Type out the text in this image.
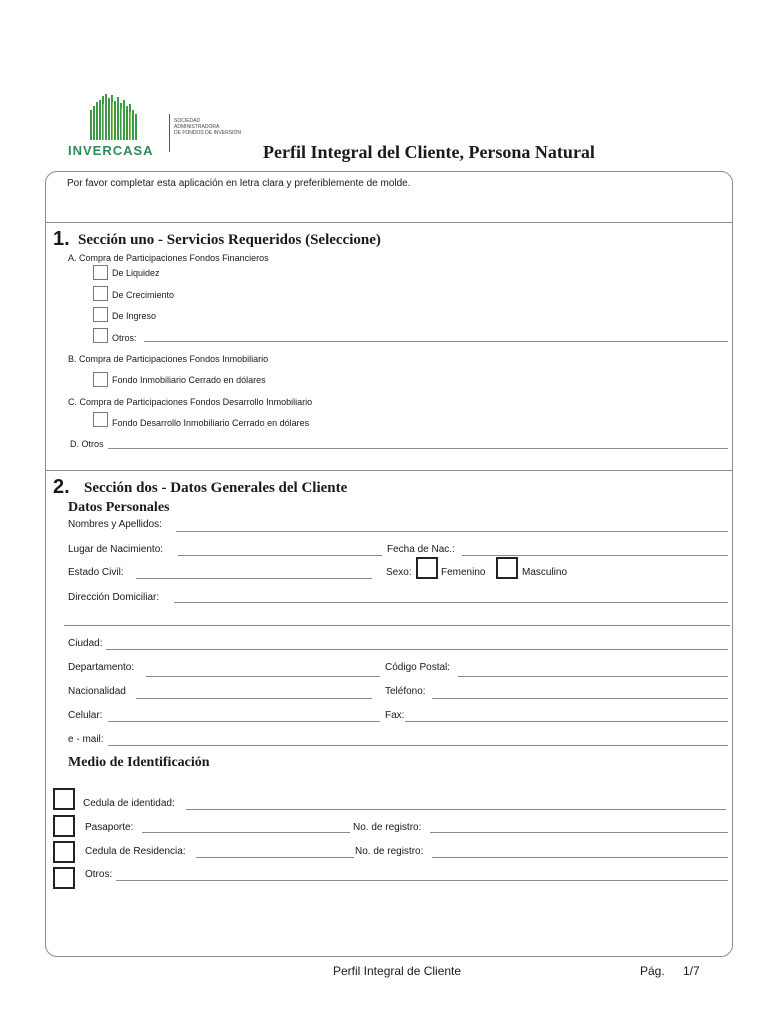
INVERCASA
SOCIEDAD
ADMINISTRADORA
DE FONDOS DE INVERSIÓN
Perfil Integral del Cliente, Persona Natural
Por favor completar esta aplicación en letra clara y preferiblemente de molde.
1. Sección uno - Servicios Requeridos (Seleccione)
A. Compra de Participaciones Fondos Financieros
De Liquidez
De Crecimiento
De Ingreso
Otros:
B. Compra de Participaciones Fondos Inmobiliario
Fondo Inmobiliario Cerrado en dólares
C. Compra de Participaciones Fondos Desarrollo Inmobiliario
Fondo Desarrollo Inmobiliario Cerrado en dólares
D. Otros
2. Sección dos - Datos Generales del Cliente
Datos Personales
Nombres y Apellidos:
Lugar de Nacimiento:	Fecha de Nac.:
Estado Civil:	Sexo:	Femenino	Masculino
Dirección Domiciliar:
Ciudad:
Departamento:	Código Postal:
Nacionalidad	Teléfono:
Celular:	Fax:
e - mail:
Medio de Identificación
Cedula de identidad:
Pasaporte:	No. de registro:
Cedula de Residencia:	No. de registro:
Otros:
Perfil Integral de Cliente	Pág. 1/7
